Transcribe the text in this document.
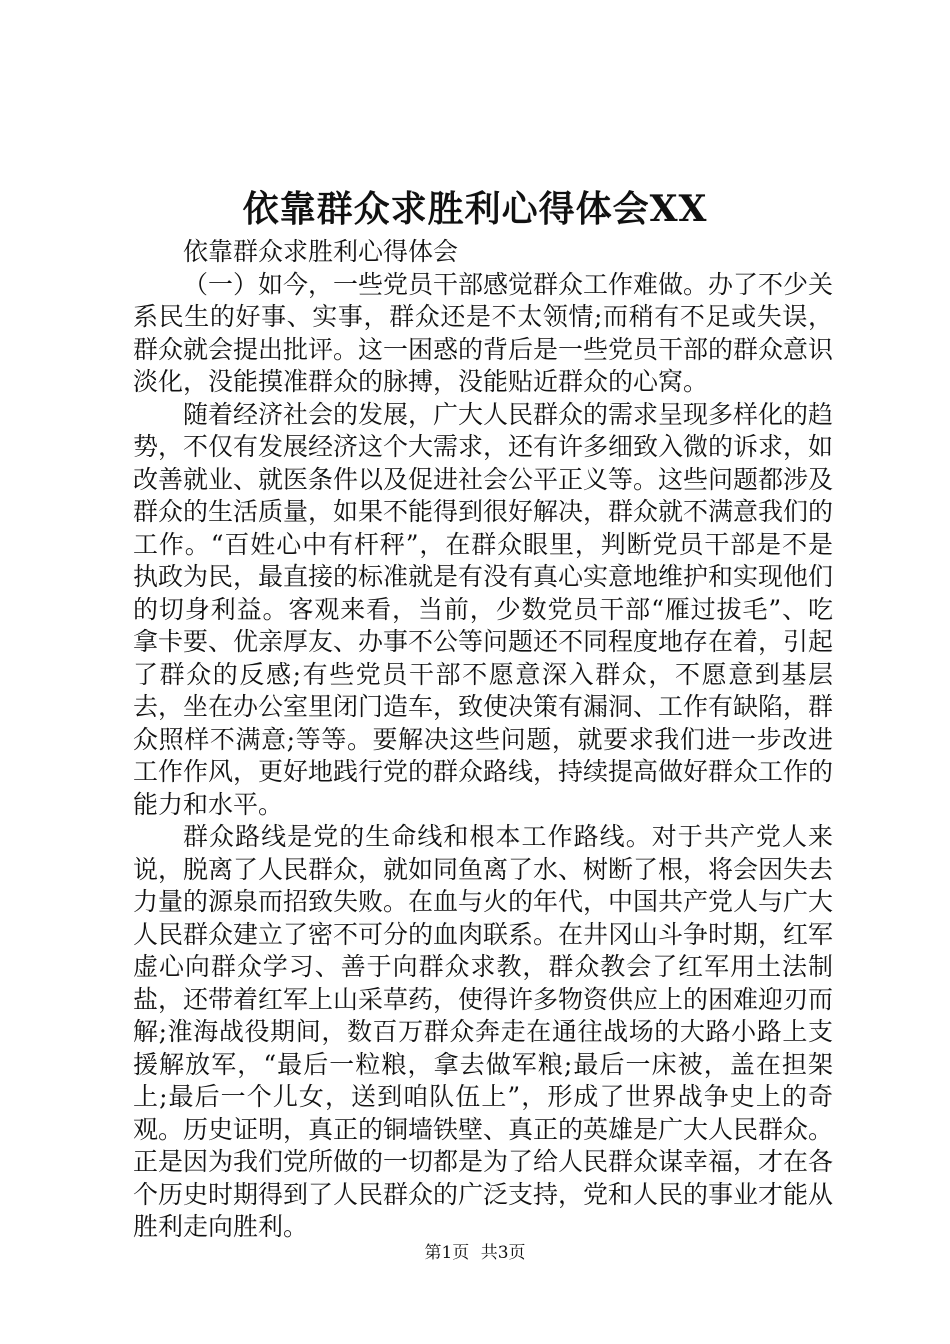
依靠群众求胜利心得体会XX

依靠群众求胜利心得体会

（一）如今，一些党员干部感觉群众工作难做。办了不少关系民生的好事、实事，群众还是不太领情;而稍有不足或失误，群众就会提出批评。这一困惑的背后是一些党员干部的群众意识淡化，没能摸准群众的脉搏，没能贴近群众的心窝。

随着经济社会的发展，广大人民群众的需求呈现多样化的趋势，不仅有发展经济这个大需求，还有许多细致入微的诉求，如改善就业、就医条件以及促进社会公平正义等。这些问题都涉及群众的生活质量，如果不能得到很好解决，群众就不满意我们的工作。“百姓心中有杆秤”，在群众眼里，判断党员干部是不是执政为民，最直接的标准就是有没有真心实意地维护和实现他们的切身利益。客观来看，当前，少数党员干部“雁过拔毛”、吃拿卡要、优亲厚友、办事不公等问题还不同程度地存在着，引起了群众的反感;有些党员干部不愿意深入群众，不愿意到基层去，坐在办公室里闭门造车，致使决策有漏洞、工作有缺陷，群众照样不满意;等等。要解决这些问题，就要求我们进一步改进工作作风，更好地践行党的群众路线，持续提高做好群众工作的能力和水平。

群众路线是党的生命线和根本工作路线。对于共产党人来说，脱离了人民群众，就如同鱼离了水、树断了根，将会因失去力量的源泉而招致失败。在血与火的年代，中国共产党人与广大人民群众建立了密不可分的血肉联系。在井冈山斗争时期，红军虚心向群众学习、善于向群众求教，群众教会了红军用土法制盐，还带着红军上山采草药，使得许多物资供应上的困难迎刃而解;淮海战役期间，数百万群众奔走在通往战场的大路小路上支援解放军，“最后一粒粮，拿去做军粮;最后一床被，盖在担架上;最后一个儿女，送到咱队伍上”，形成了世界战争史上的奇观。历史证明，真正的铜墙铁壁、真正的英雄是广大人民群众。正是因为我们党所做的一切都是为了给人民群众谋幸福，才在各个历史时期得到了人民群众的广泛支持，党和人民的事业才能从胜利走向胜利。

第1页 共3页
